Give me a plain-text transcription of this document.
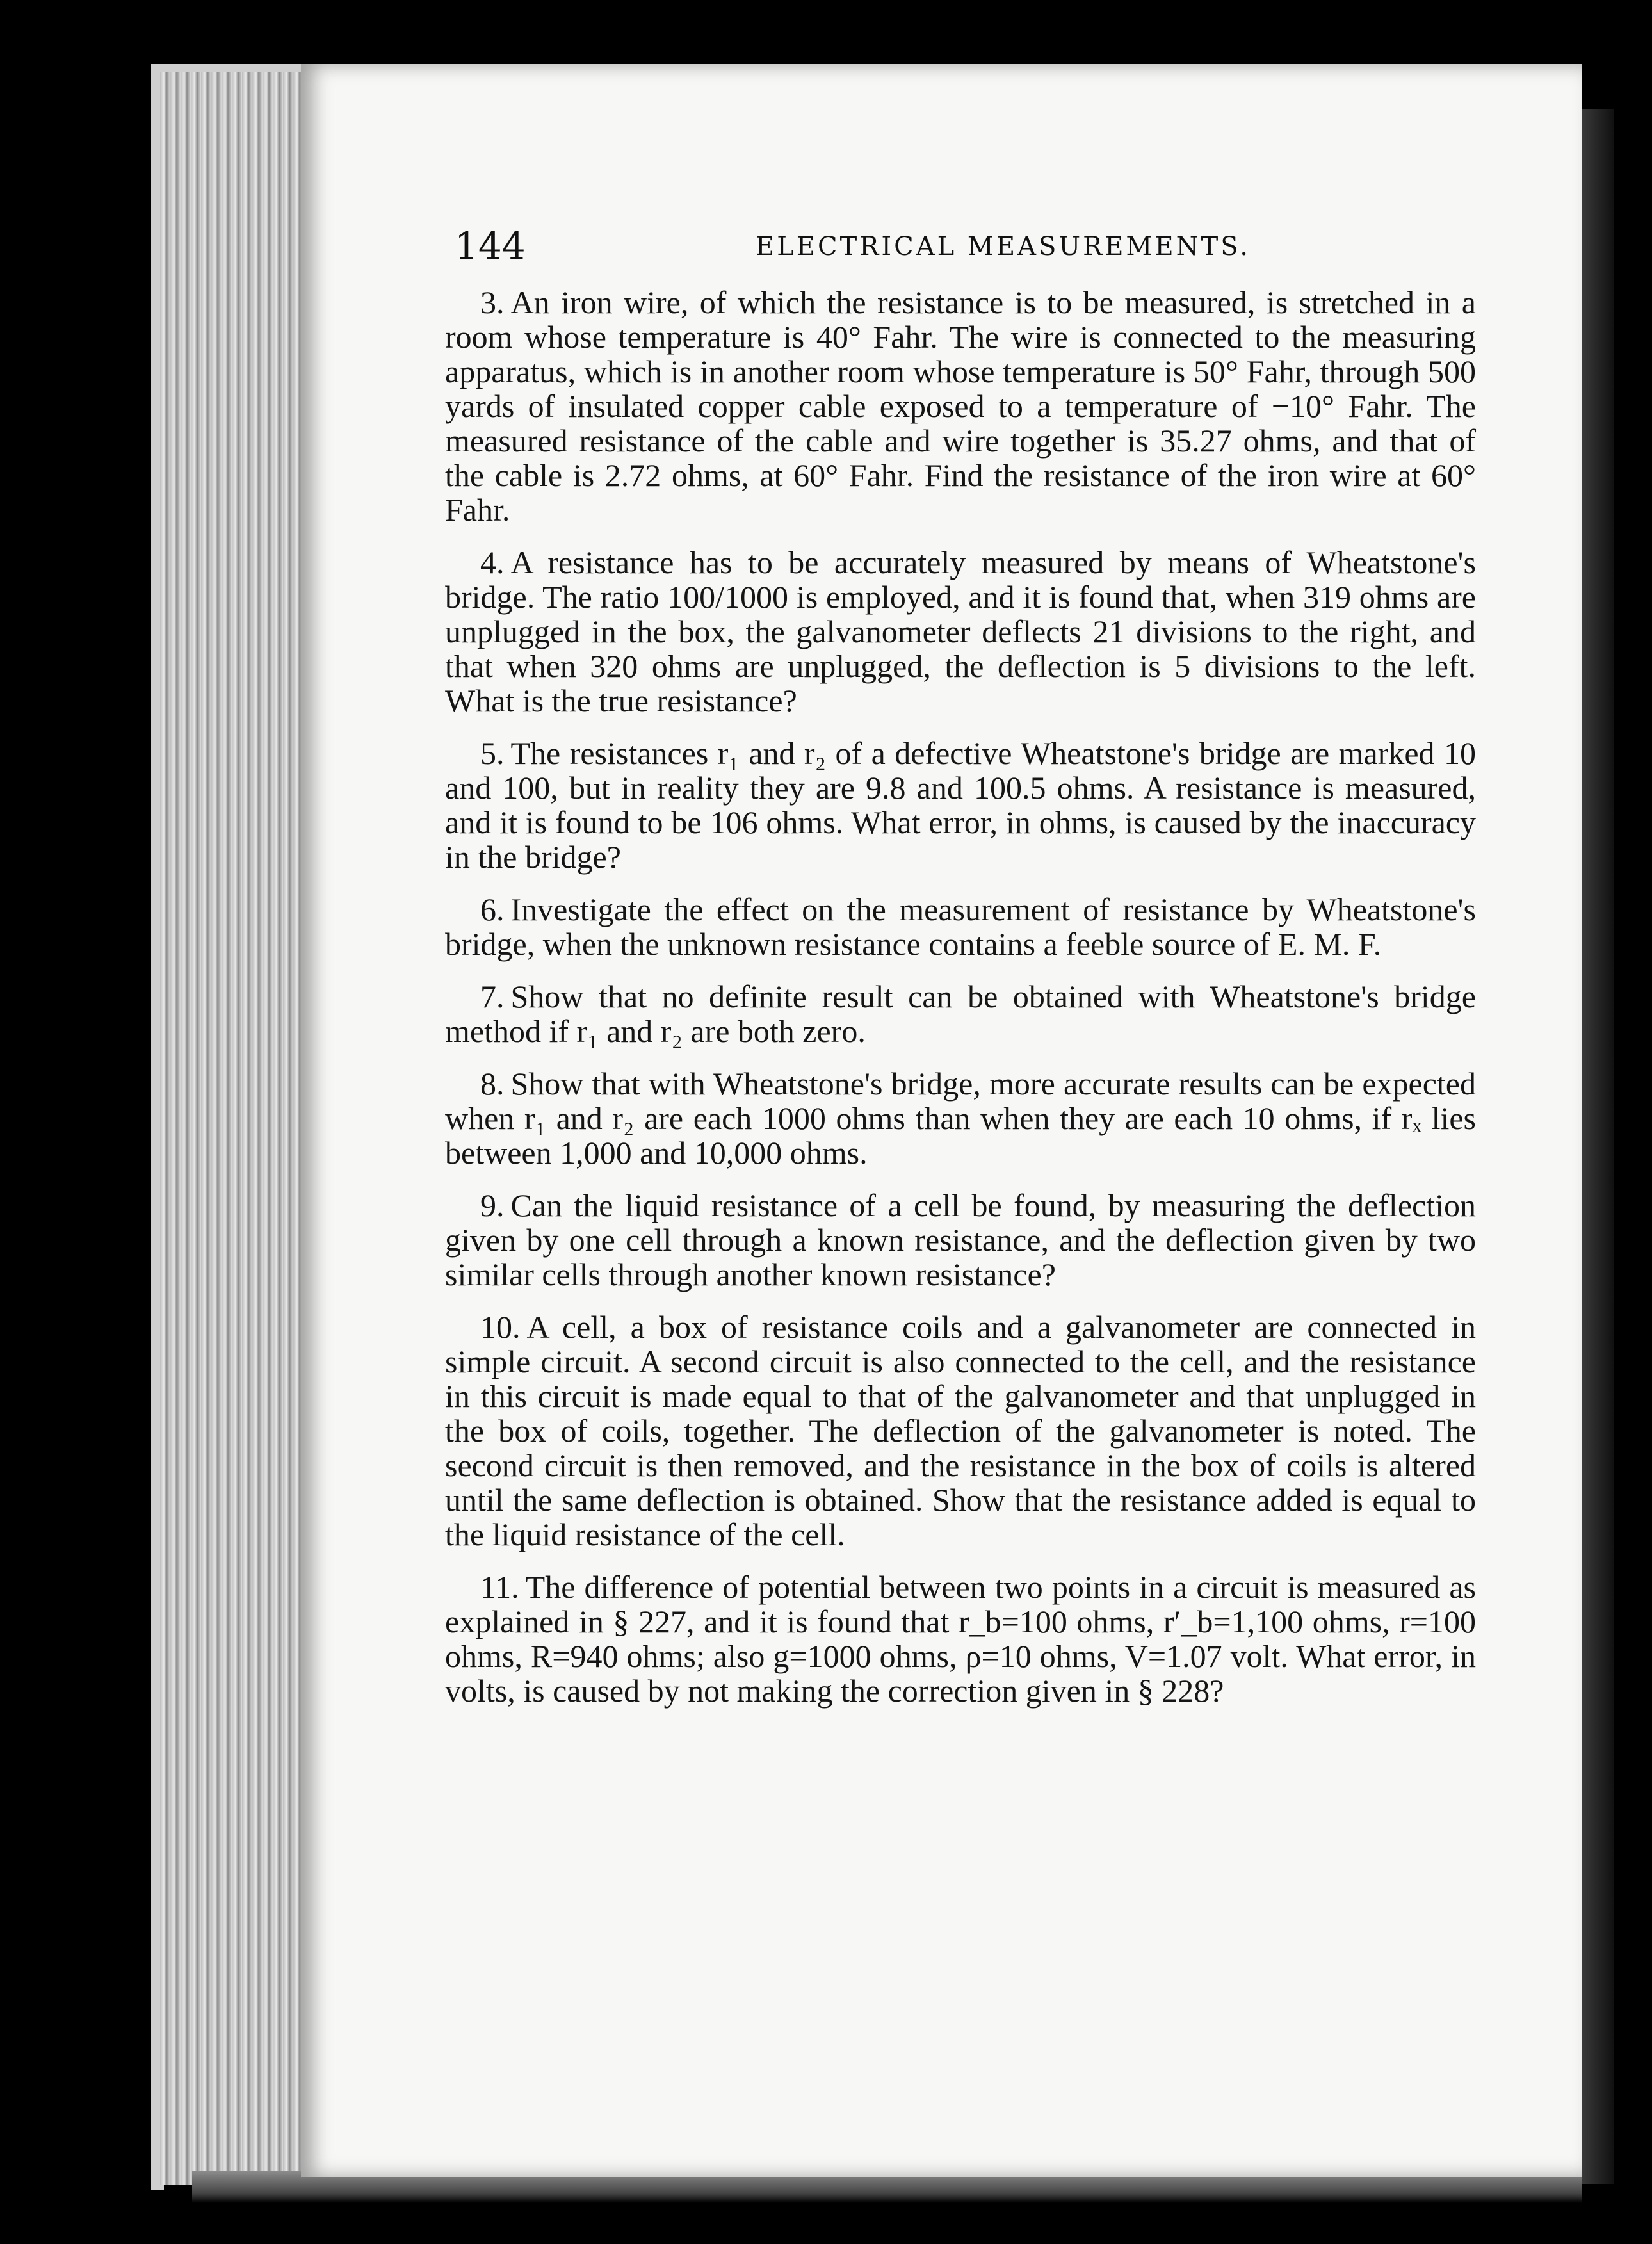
144	ELECTRICAL MEASUREMENTS.

3. An iron wire, of which the resistance is to be measured, is stretched in a room whose temperature is 40° Fahr. The wire is connected to the measuring apparatus, which is in another room whose temperature is 50° Fahr, through 500 yards of insulated copper cable exposed to a temperature of −10° Fahr. The measured resistance of the cable and wire together is 35.27 ohms, and that of the cable is 2.72 ohms, at 60° Fahr. Find the resistance of the iron wire at 60° Fahr.

4. A resistance has to be accurately measured by means of Wheatstone's bridge. The ratio 100/1000 is employed, and it is found that, when 319 ohms are unplugged in the box, the galvanometer deflects 21 divisions to the right, and that when 320 ohms are unplugged, the deflection is 5 divisions to the left. What is the true resistance?

5. The resistances r₁ and r₂ of a defective Wheatstone's bridge are marked 10 and 100, but in reality they are 9.8 and 100.5 ohms. A resistance is measured, and it is found to be 106 ohms. What error, in ohms, is caused by the inaccuracy in the bridge?

6. Investigate the effect on the measurement of resistance by Wheatstone's bridge, when the unknown resistance contains a feeble source of E. M. F.

7. Show that no definite result can be obtained with Wheatstone's bridge method if r₁ and r₂ are both zero.

8. Show that with Wheatstone's bridge, more accurate results can be expected when r₁ and r₂ are each 1000 ohms than when they are each 10 ohms, if rₓ lies between 1,000 and 10,000 ohms.

9. Can the liquid resistance of a cell be found, by measuring the deflection given by one cell through a known resistance, and the deflection given by two similar cells through another known resistance?

10. A cell, a box of resistance coils and a galvanometer are connected in simple circuit. A second circuit is also connected to the cell, and the resistance in this circuit is made equal to that of the galvanometer and that unplugged in the box of coils, together. The deflection of the galvanometer is noted. The second circuit is then removed, and the resistance in the box of coils is altered until the same deflection is obtained. Show that the resistance added is equal to the liquid resistance of the cell.

11. The difference of potential between two points in a circuit is measured as explained in § 227, and it is found that r_b=100 ohms, r′_b=1,100 ohms, r=100 ohms, R=940 ohms; also g=1000 ohms, ρ=10 ohms, V=1.07 volt. What error, in volts, is caused by not making the correction given in § 228?
